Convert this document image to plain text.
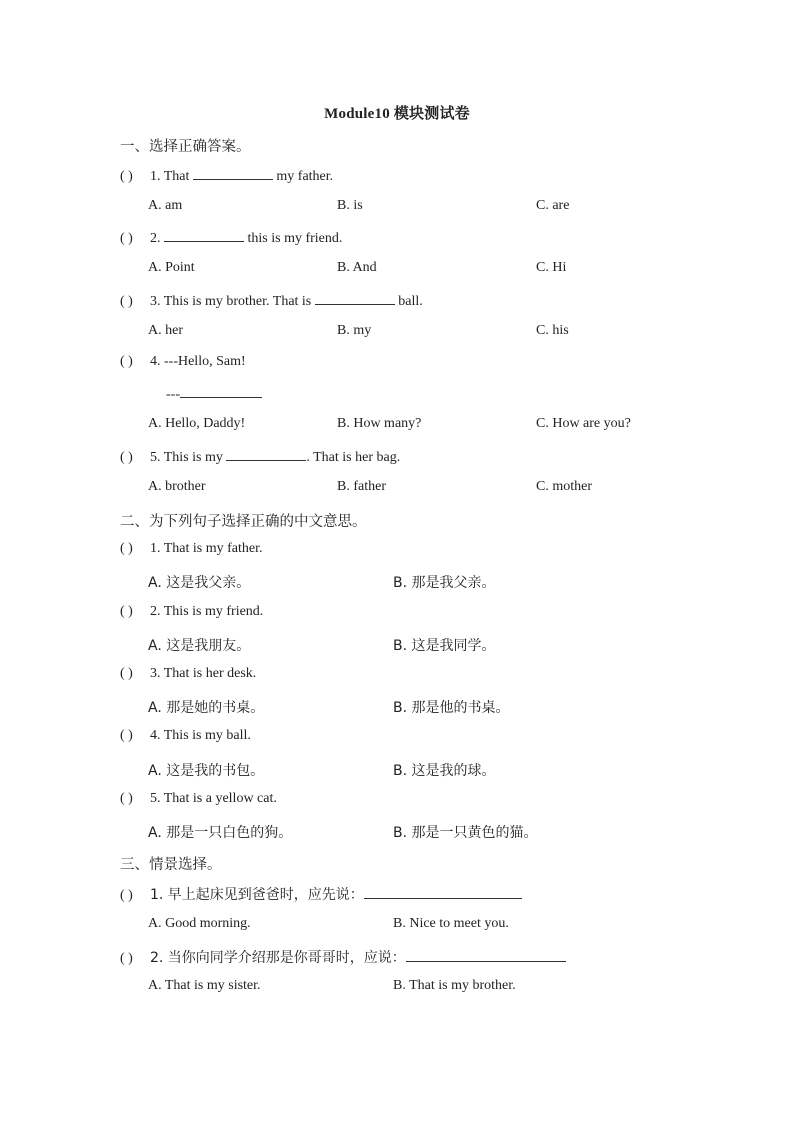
Module10 模块测试卷
一、选择正确答案。
( ) 1. That	my father.
A. am	B. is	C. are
( ) 2.	this is my friend.
A. Point	B. And	C. Hi
( ) 3. This is my brother. That is	ball.
A. her	B. my	C. his
( ) 4. ---Hello, Sam!
---
A. Hello, Daddy!	B. How many?	C. How are you?
( ) 5. This is my	. That is her bag.
A. brother	B. father	C. mother
二、为下列句子选择正确的中文意思。
( ) 1. That is my father.
A. 这是我父亲。	B. 那是我父亲。
( ) 2. This is my friend.
A. 这是我朋友。	B. 这是我同学。
( ) 3. That is her desk.
A. 那是她的书桌。	B. 那是他的书桌。
( ) 4. This is my ball.
A. 这是我的书包。	B. 这是我的球。
( ) 5. That is a yellow cat.
A. 那是一只白色的狗。	B. 那是一只黄色的猫。
三、情景选择。
( ) 1. 早上起床见到爸爸时，应先说：
A. Good morning.	B. Nice to meet you.
( ) 2. 当你向同学介绍那是你哥哥时，应说：
A. That is my sister.	B. That is my brother.
